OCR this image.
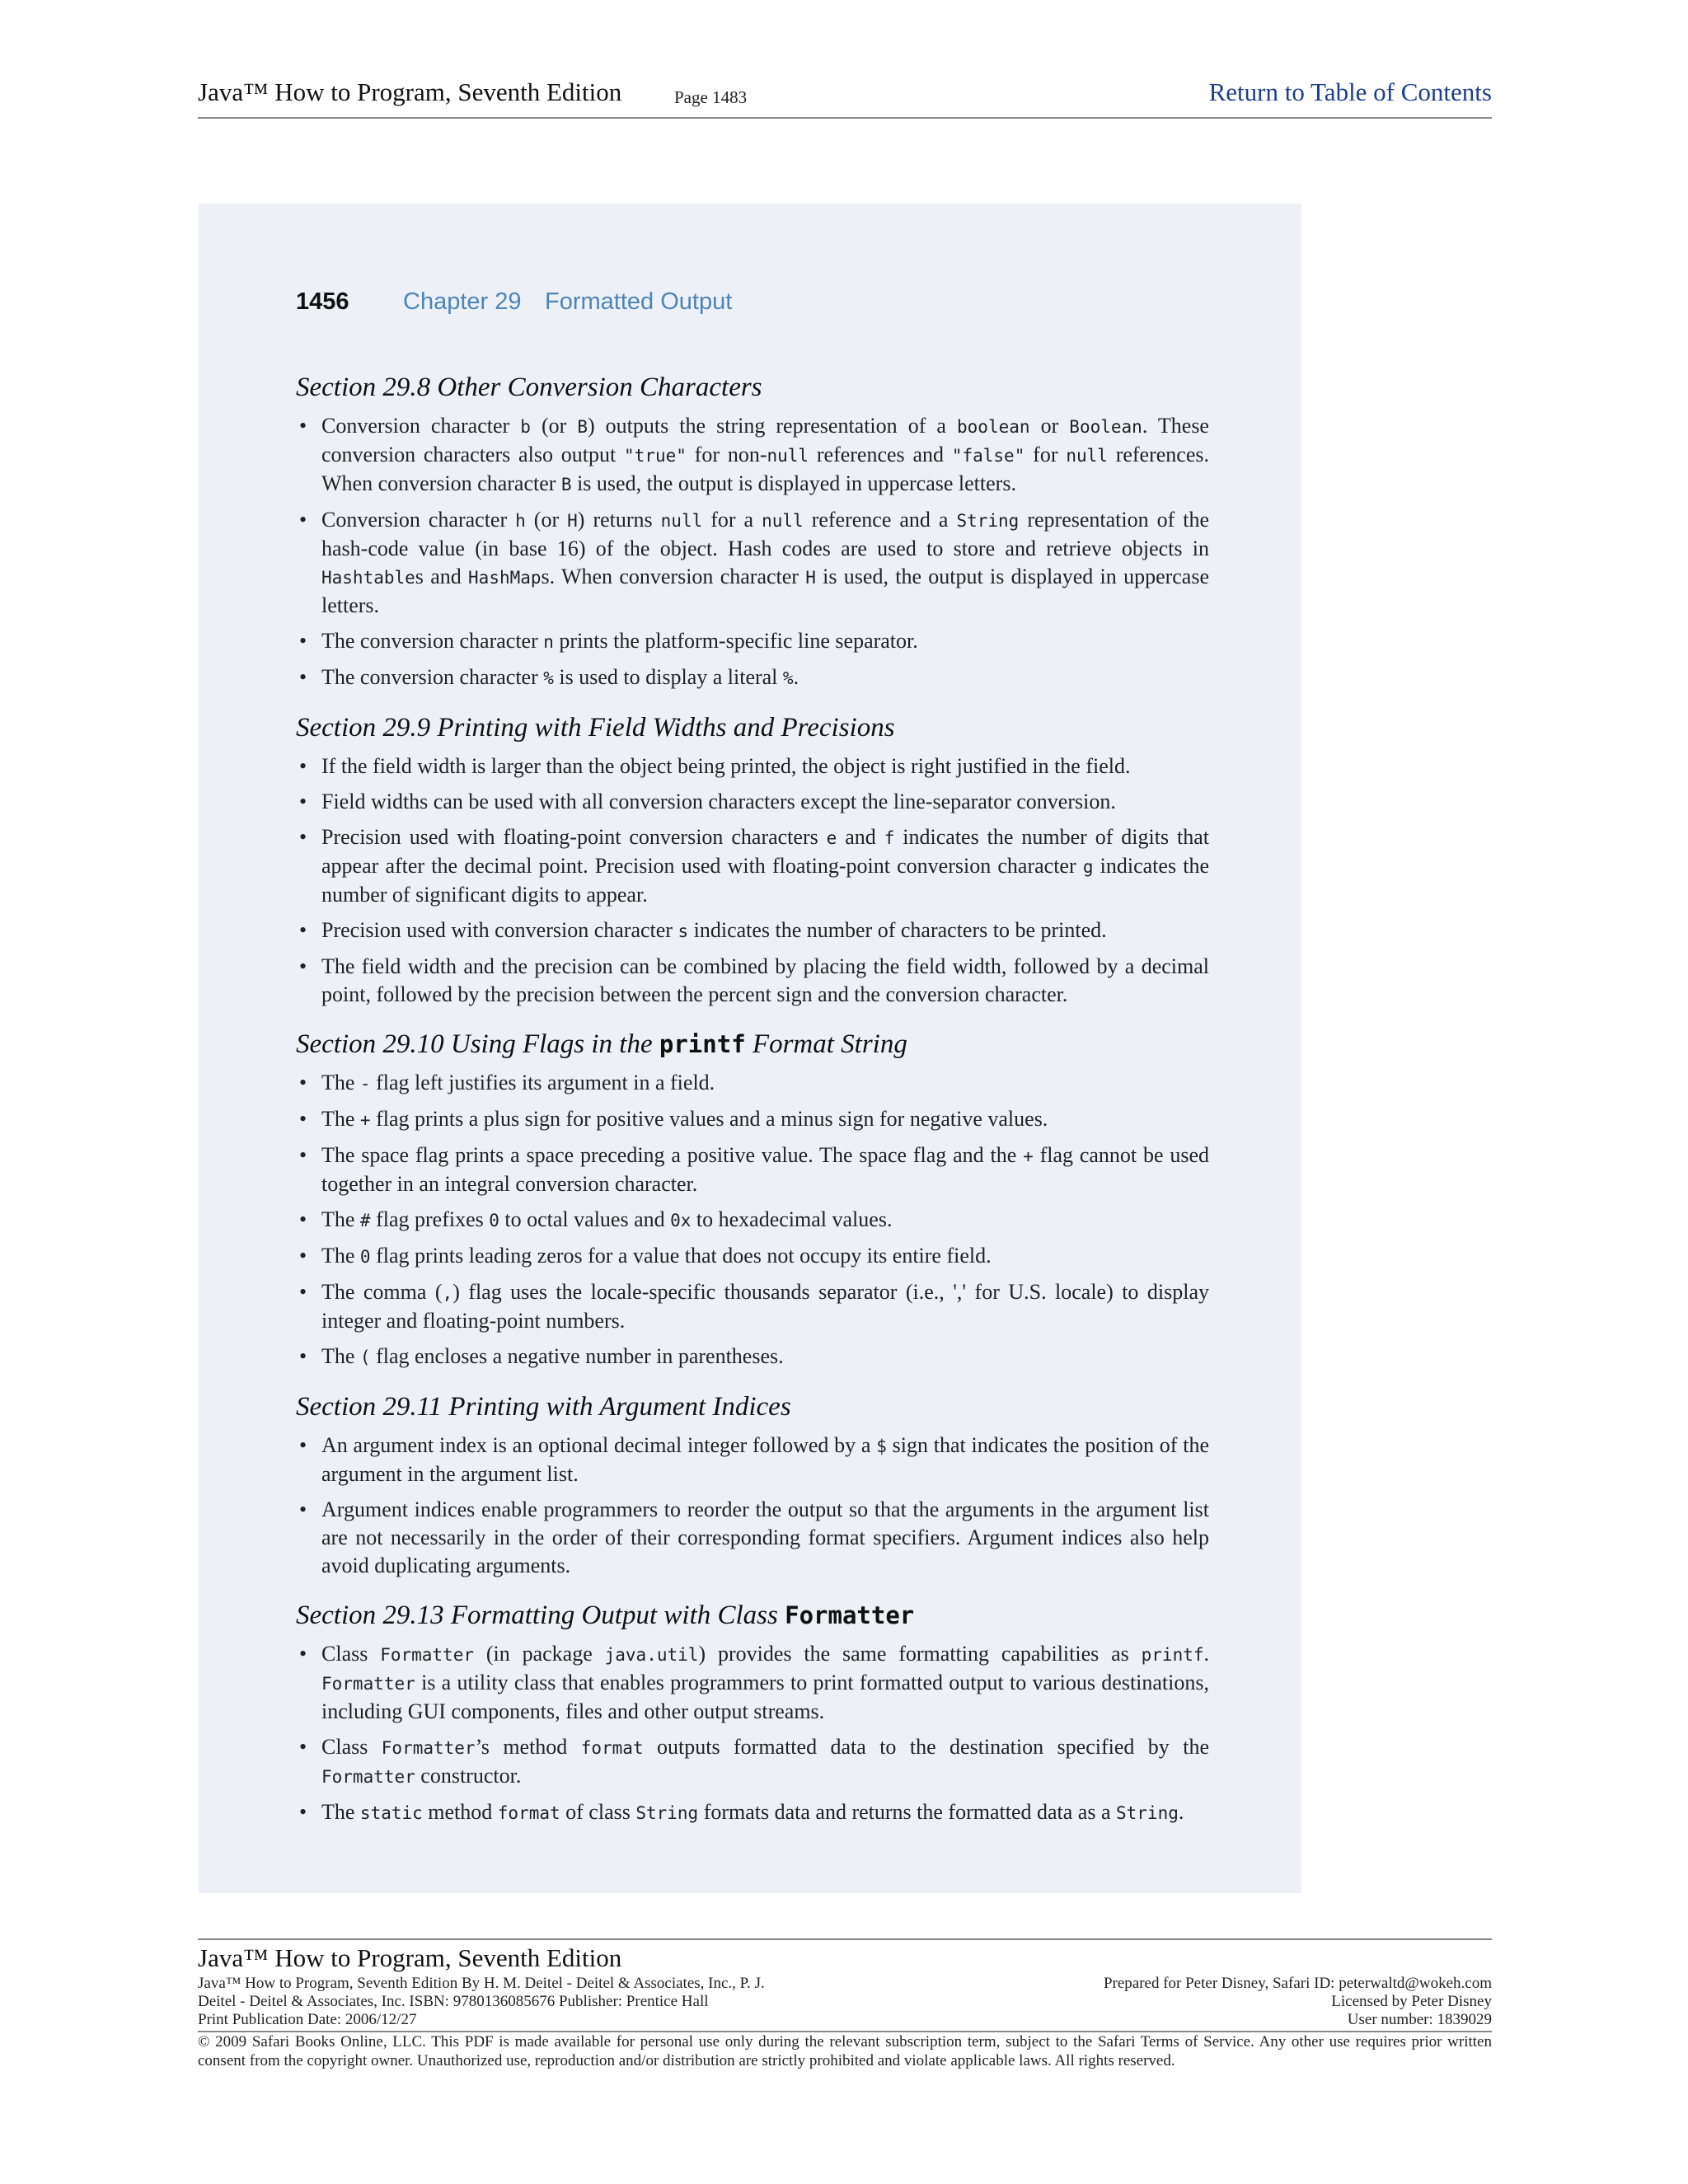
Java™ How to Program, Seventh Edition	Page 1483	Return to Table of Contents
1456 Chapter 29 Formatted Output
Section 29.8 Other Conversion Characters
• Conversion character b (or B) outputs the string representation of a boolean or Boolean. These conversion characters also output "true" for non-null references and "false" for null references. When conversion character B is used, the output is displayed in uppercase letters.
• Conversion character h (or H) returns null for a null reference and a String representation of the hash-code value (in base 16) of the object. Hash codes are used to store and retrieve objects in Hashtables and HashMaps. When conversion character H is used, the output is displayed in uppercase letters.
• The conversion character n prints the platform-specific line separator.
• The conversion character % is used to display a literal %.
Section 29.9 Printing with Field Widths and Precisions
• If the field width is larger than the object being printed, the object is right justified in the field.
• Field widths can be used with all conversion characters except the line-separator conversion.
• Precision used with floating-point conversion characters e and f indicates the number of digits that appear after the decimal point. Precision used with floating-point conversion character g indicates the number of significant digits to appear.
• Precision used with conversion character s indicates the number of characters to be printed.
• The field width and the precision can be combined by placing the field width, followed by a decimal point, followed by the precision between the percent sign and the conversion character.
Section 29.10 Using Flags in the printf Format String
• The - flag left justifies its argument in a field.
• The + flag prints a plus sign for positive values and a minus sign for negative values.
• The space flag prints a space preceding a positive value. The space flag and the + flag cannot be used together in an integral conversion character.
• The # flag prefixes 0 to octal values and 0x to hexadecimal values.
• The 0 flag prints leading zeros for a value that does not occupy its entire field.
• The comma (,) flag uses the locale-specific thousands separator (i.e., ',' for U.S. locale) to display integer and floating-point numbers.
• The ( flag encloses a negative number in parentheses.
Section 29.11 Printing with Argument Indices
• An argument index is an optional decimal integer followed by a $ sign that indicates the position of the argument in the argument list.
• Argument indices enable programmers to reorder the output so that the arguments in the argument list are not necessarily in the order of their corresponding format specifiers. Argument indices also help avoid duplicating arguments.
Section 29.13 Formatting Output with Class Formatter
• Class Formatter (in package java.util) provides the same formatting capabilities as printf. Formatter is a utility class that enables programmers to print formatted output to various destinations, including GUI components, files and other output streams.
• Class Formatter’s method format outputs formatted data to the destination specified by the Formatter constructor.
• The static method format of class String formats data and returns the formatted data as a String.
Java™ How to Program, Seventh Edition
Java™ How to Program, Seventh Edition By H. M. Deitel - Deitel & Associates, Inc., P. J.	Prepared for Peter Disney, Safari ID: peterwaltd@wokeh.com
Deitel - Deitel & Associates, Inc. ISBN: 9780136085676 Publisher: Prentice Hall	Licensed by Peter Disney
Print Publication Date: 2006/12/27	User number: 1839029
© 2009 Safari Books Online, LLC. This PDF is made available for personal use only during the relevant subscription term, subject to the Safari Terms of Service. Any other use requires prior written consent from the copyright owner. Unauthorized use, reproduction and/or distribution are strictly prohibited and violate applicable laws. All rights reserved.
